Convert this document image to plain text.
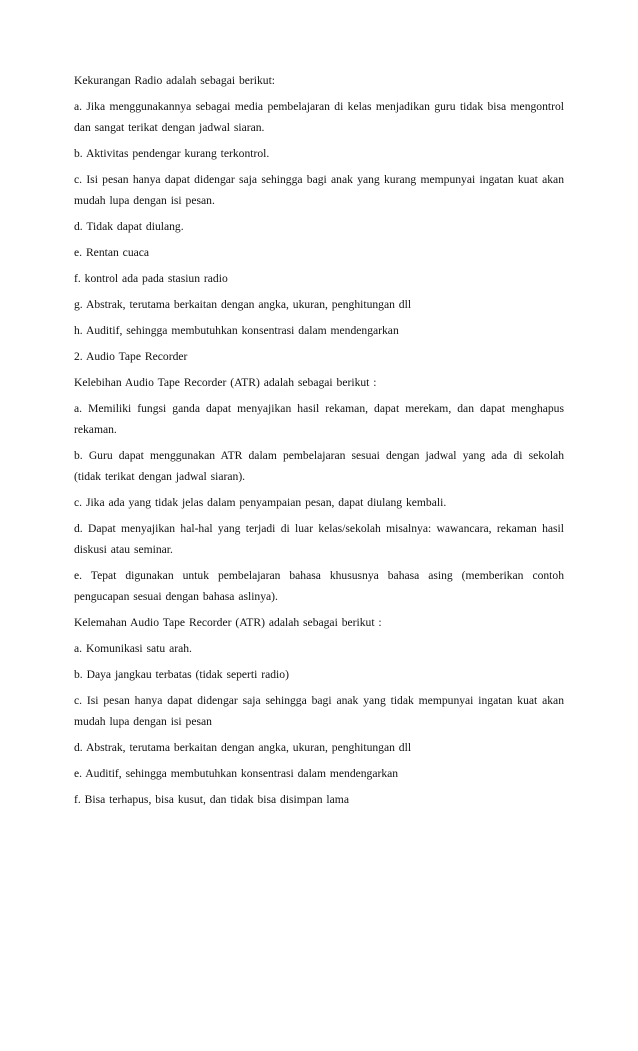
Kekurangan Radio adalah sebagai berikut:

a. Jika menggunakannya sebagai media pembelajaran di kelas menjadikan guru tidak bisa mengontrol dan sangat terikat dengan jadwal siaran.

b. Aktivitas pendengar kurang terkontrol.

c. Isi pesan hanya dapat didengar saja sehingga bagi anak yang kurang mempunyai ingatan kuat akan mudah lupa dengan isi pesan.

d. Tidak dapat diulang.

e. Rentan cuaca

f. kontrol ada pada stasiun radio

g. Abstrak, terutama berkaitan dengan angka, ukuran, penghitungan dll

h. Auditif, sehingga membutuhkan konsentrasi dalam mendengarkan

2. Audio Tape Recorder

Kelebihan Audio Tape Recorder (ATR) adalah sebagai berikut :

a. Memiliki fungsi ganda dapat menyajikan hasil rekaman, dapat merekam, dan dapat menghapus rekaman.

b. Guru dapat menggunakan ATR dalam pembelajaran sesuai dengan jadwal yang ada di sekolah (tidak terikat dengan jadwal siaran).

c. Jika ada yang tidak jelas dalam penyampaian pesan, dapat diulang kembali.

d. Dapat menyajikan hal-hal yang terjadi di luar kelas/sekolah misalnya: wawancara, rekaman hasil diskusi atau seminar.

e. Tepat digunakan untuk pembelajaran bahasa khususnya bahasa asing (memberikan contoh pengucapan sesuai dengan bahasa aslinya).

Kelemahan Audio Tape Recorder (ATR) adalah sebagai berikut :

a. Komunikasi satu arah.

b. Daya jangkau terbatas (tidak seperti radio)

c. Isi pesan hanya dapat didengar saja sehingga bagi anak yang tidak mempunyai ingatan kuat akan mudah lupa dengan isi pesan

d. Abstrak, terutama berkaitan dengan angka, ukuran, penghitungan dll

e. Auditif, sehingga membutuhkan konsentrasi dalam mendengarkan

f. Bisa terhapus, bisa kusut, dan tidak bisa disimpan lama
